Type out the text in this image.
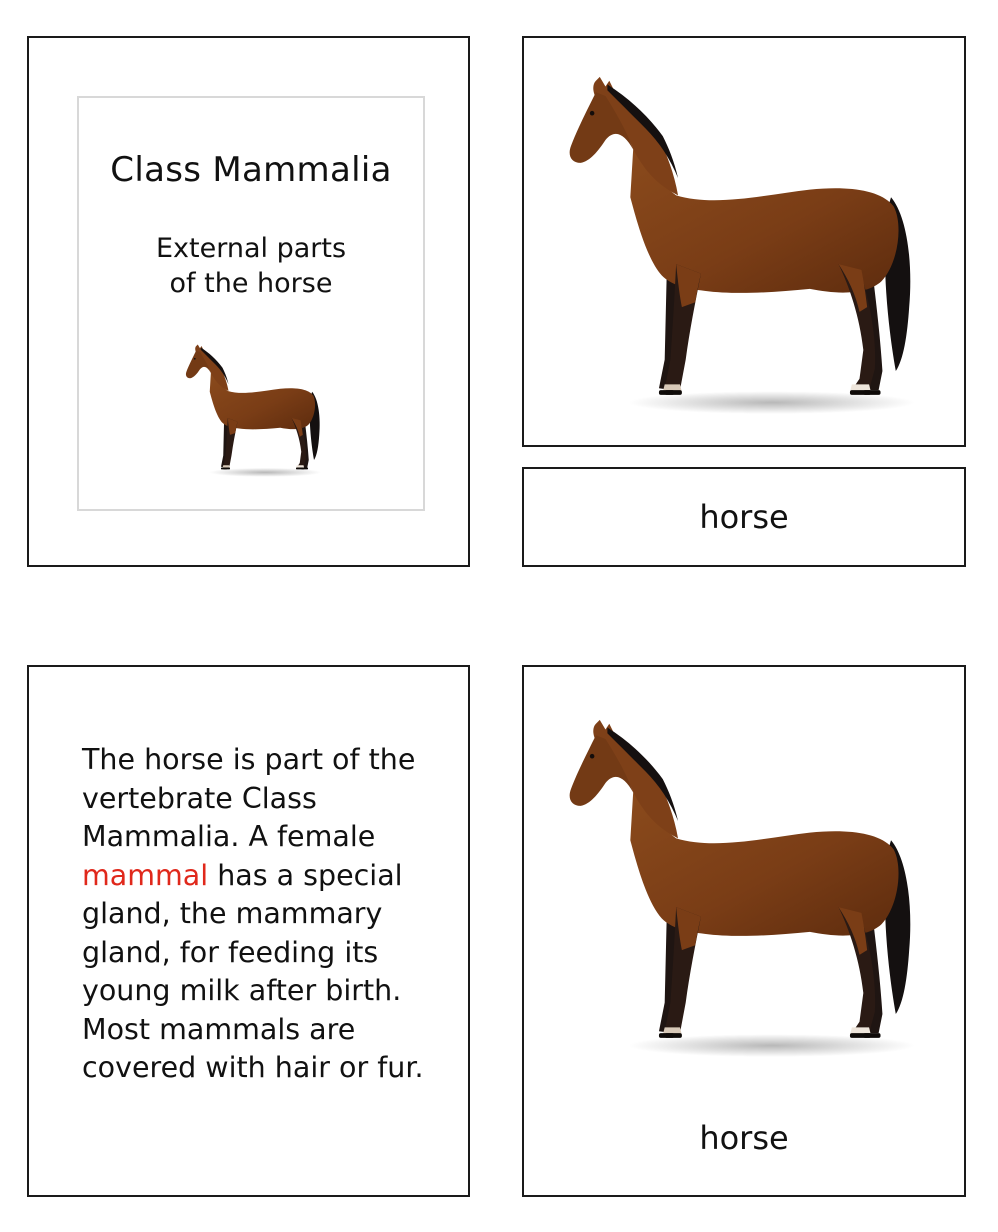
Class Mammalia
External parts
of the horse
horse
The horse is part of the vertebrate Class Mammalia. A female mammal has a special gland, the mammary gland, for feeding its young milk after birth. Most mammals are covered with hair or fur.
horse
